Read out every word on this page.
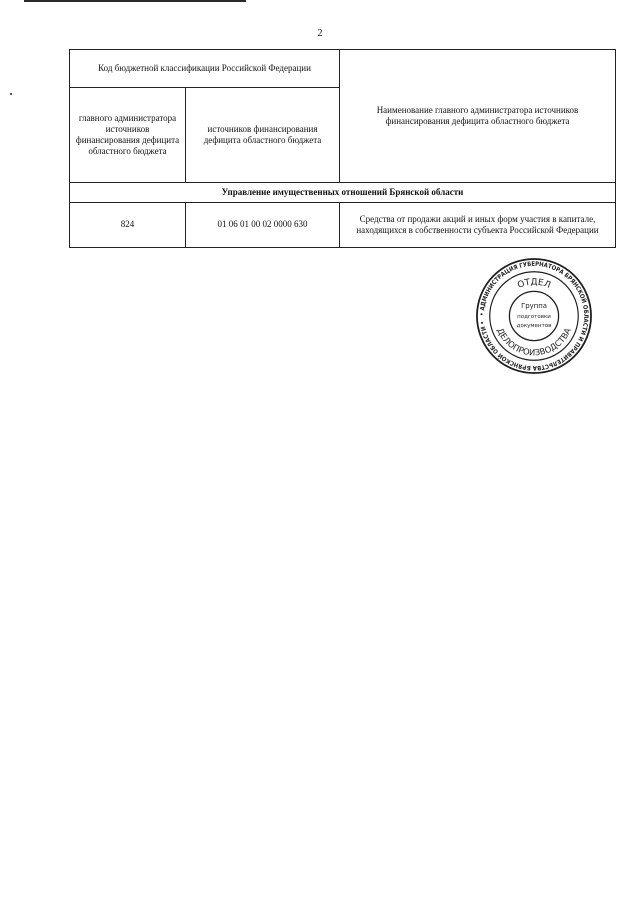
2
Код бюджетной классификации Российской Федерации		Наименование главного администратора источников финансирования дефицита областного бюджета
главного администратора источников финансирования дефицита областного бюджета	источников финансирования дефицита областного бюджета	
Управление имущественных отношений Брянской области		
824	01 06 01 00 02 0000 630	Средства от продажи акций и иных форм участия в капитале, находящихся в собственности субъекта Российской Федерации
• АДМИНИСТРАЦИЯ ГУБЕРНАТОРА БРЯНСКОЙ ОБЛАСТИ И ПРАВИТЕЛЬСТВА БРЯНСКОЙ ОБЛАСТИ •
ОТДЕЛ
ДЕЛОПРОИЗВОДСТВА
Группа
подготовки
документов
